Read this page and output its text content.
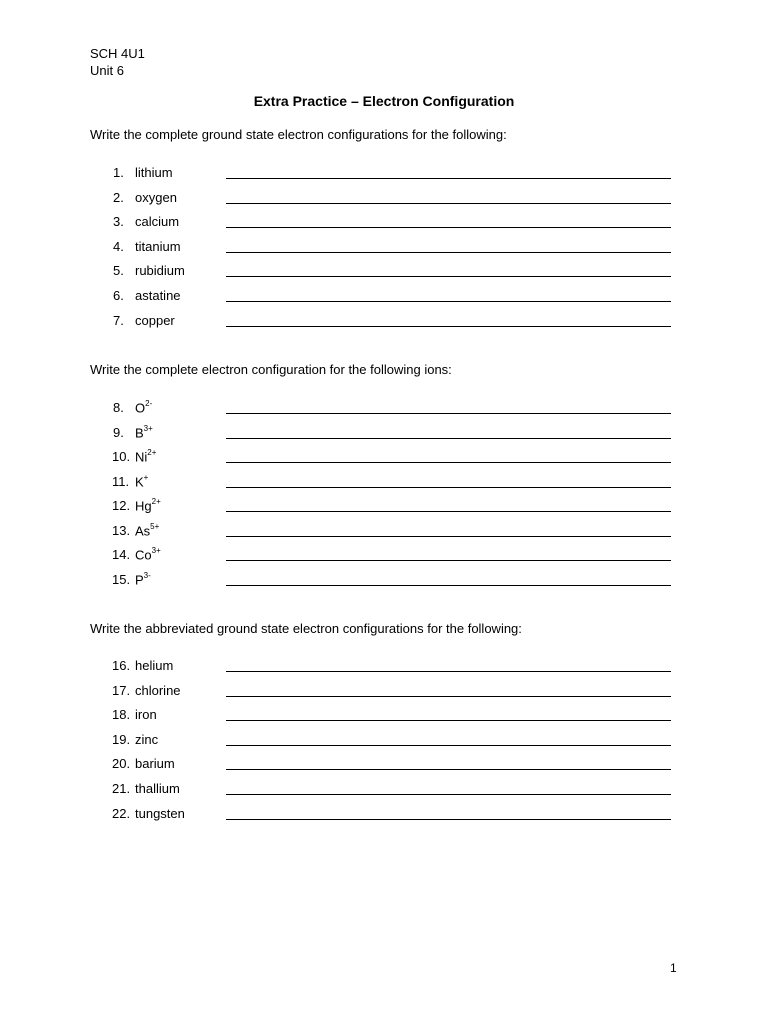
SCH 4U1
Unit 6
Extra Practice – Electron Configuration
Write the complete ground state electron configurations for the following:
Write the complete electron configuration for the following ions:
Write the abbreviated ground state electron configurations for the following:
1. lithium
2. oxygen
3. calcium
4. titanium
5. rubidium
6. astatine
7. copper
8. $O^{2-}$
9. $B^{3+}$
10. $Ni^{2+}$
11. K+
12. $Hg^{2+}$
13. $As^{5+}$
14. $Co^{3+}$
15. $P^{3-}$
16. helium
17. chlorine
18. iron
19. zinc
20. barium
21. thallium
22. tungsten
1
